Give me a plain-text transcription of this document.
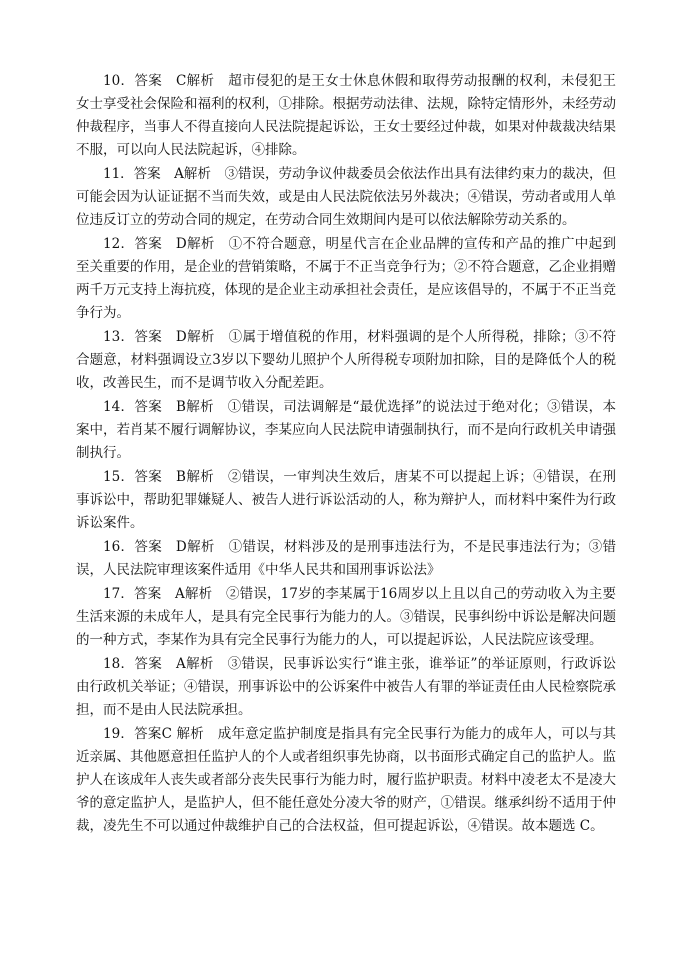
10．答案　C解析　超市侵犯的是王女士休息休假和取得劳动报酬的权利，未侵犯王女士享受社会保险和福利的权利，①排除。根据劳动法律、法规，除特定情形外，未经劳动仲裁程序，当事人不得直接向人民法院提起诉讼，王女士要经过仲裁，如果对仲裁裁决结果不服，可以向人民法院起诉，④排除。

11．答案　A解析　③错误，劳动争议仲裁委员会依法作出具有法律约束力的裁决，但可能会因为认证证据不当而失效，或是由人民法院依法另外裁决；④错误，劳动者或用人单位违反订立的劳动合同的规定，在劳动合同生效期间内是可以依法解除劳动关系的。

12．答案　D解析　①不符合题意，明星代言在企业品牌的宣传和产品的推广中起到至关重要的作用，是企业的营销策略，不属于不正当竞争行为；②不符合题意，乙企业捐赠两千万元支持上海抗疫，体现的是企业主动承担社会责任，是应该倡导的，不属于不正当竞争行为。

13．答案　D解析　①属于增值税的作用，材料强调的是个人所得税，排除；③不符合题意，材料强调设立3岁以下婴幼儿照护个人所得税专项附加扣除，目的是降低个人的税收，改善民生，而不是调节收入分配差距。

14．答案　B解析　①错误，司法调解是“最优选择”的说法过于绝对化；③错误，本案中，若肖某不履行调解协议，李某应向人民法院申请强制执行，而不是向行政机关申请强制执行。

15．答案　B解析　②错误，一审判决生效后，唐某不可以提起上诉；④错误，在刑事诉讼中，帮助犯罪嫌疑人、被告人进行诉讼活动的人，称为辩护人，而材料中案件为行政诉讼案件。

16．答案　D解析　①错误，材料涉及的是刑事违法行为，不是民事违法行为；③错误，人民法院审理该案件适用《中华人民共和国刑事诉讼法》

17．答案　A解析　②错误，17岁的李某属于16周岁以上且以自己的劳动收入为主要生活来源的未成年人，是具有完全民事行为能力的人。③错误，民事纠纷中诉讼是解决问题的一种方式，李某作为具有完全民事行为能力的人，可以提起诉讼，人民法院应该受理。

18．答案　A解析　③错误，民事诉讼实行“谁主张，谁举证”的举证原则，行政诉讼由行政机关举证；④错误，刑事诉讼中的公诉案件中被告人有罪的举证责任由人民检察院承担，而不是由人民法院承担。

19．答案C 解析　成年意定监护制度是指具有完全民事行为能力的成年人，可以与其近亲属、其他愿意担任监护人的个人或者组织事先协商，以书面形式确定自己的监护人。监护人在该成年人丧失或者部分丧失民事行为能力时，履行监护职责。材料中凌老太不是凌大爷的意定监护人，是监护人，但不能任意处分凌大爷的财产，①错误。继承纠纷不适用于仲裁，凌先生不可以通过仲裁维护自己的合法权益，但可提起诉讼，④错误。故本题选 C。
